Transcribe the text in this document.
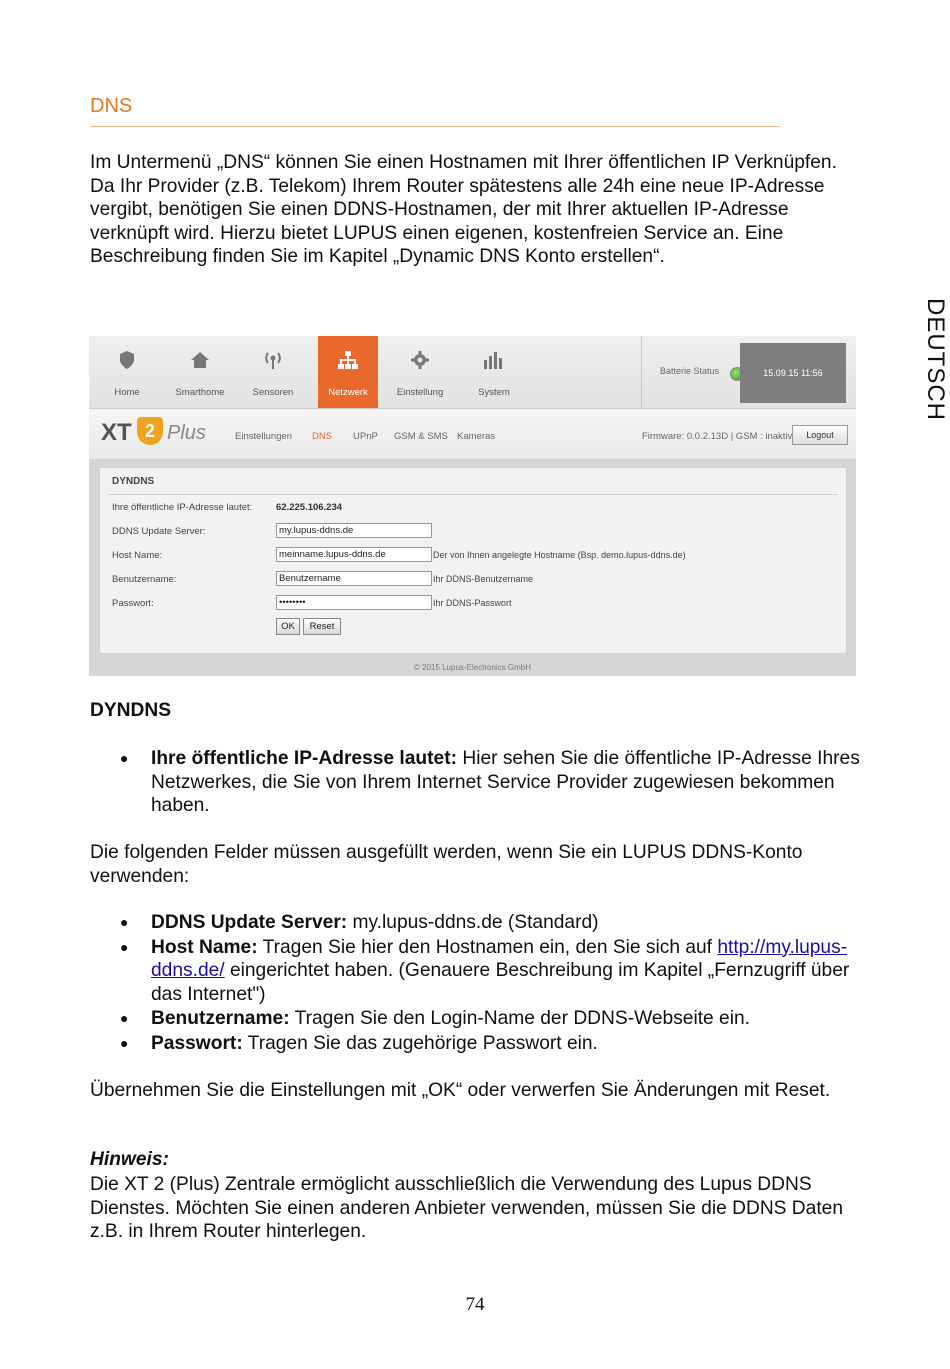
DNS

Im Untermenü „DNS“ können Sie einen Hostnamen mit Ihrer öffentlichen IP Verknüpfen. Da Ihr Provider (z.B. Telekom) Ihrem Router spätestens alle 24h eine neue IP-Adresse vergibt, benötigen Sie einen DDNS-Hostnamen, der mit Ihrer aktuellen IP-Adresse verknüpft wird. Hierzu bietet LUPUS einen eigenen, kostenfreien Service an. Eine Beschreibung finden Sie im Kapitel „Dynamic DNS Konto erstellen“.

DEUTSCH
Home	Smarthome	Sensoren	Netzwerk	Einstellung	System
Batterie Status	15.09.15 11:56
XT 2 Plus	Einstellungen DNS UPnP GSM & SMS Kameras	Firmware: 0.0.2.13D | GSM : inaktiv	Logout
DYNDNS
Ihre öffentliche IP-Adresse lautet: 62.225.106.234
DDNS Update Server:	my.lupus-ddns.de
Host Name:	meinname.lupus-ddns.de	Der von Ihnen angelegte Hostname (Bsp. demo.lupus-ddns.de)
Benutzername:	Benutzername	Ihr DDNS-Benutzername
Passwort:	••••••••	Ihr DDNS-Passwort
OK	Reset
© 2015 Lupus-Electronics GmbH
DYNDNS
● Ihre öffentliche IP-Adresse lautet: Hier sehen Sie die öffentliche IP-Adresse Ihres Netzwerkes, die Sie von Ihrem Internet Service Provider zugewiesen bekommen haben.

Die folgenden Felder müssen ausgefüllt werden, wenn Sie ein LUPUS DDNS-Konto verwenden:

● DDNS Update Server: my.lupus-ddns.de (Standard)
● Host Name: Tragen Sie hier den Hostnamen ein, den Sie sich auf http://my.lupus-ddns.de/ eingerichtet haben. (Genauere Beschreibung im Kapitel „Fernzugriff über das Internet")
● Benutzername: Tragen Sie den Login-Name der DDNS-Webseite ein.
● Passwort: Tragen Sie das zugehörige Passwort ein.

Übernehmen Sie die Einstellungen mit „OK“ oder verwerfen Sie Änderungen mit Reset.

Hinweis:

Die XT 2 (Plus) Zentrale ermöglicht ausschließlich die Verwendung des Lupus DDNS Dienstes. Möchten Sie einen anderen Anbieter verwenden, müssen Sie die DDNS Daten z.B. in Ihrem Router hinterlegen.

74
